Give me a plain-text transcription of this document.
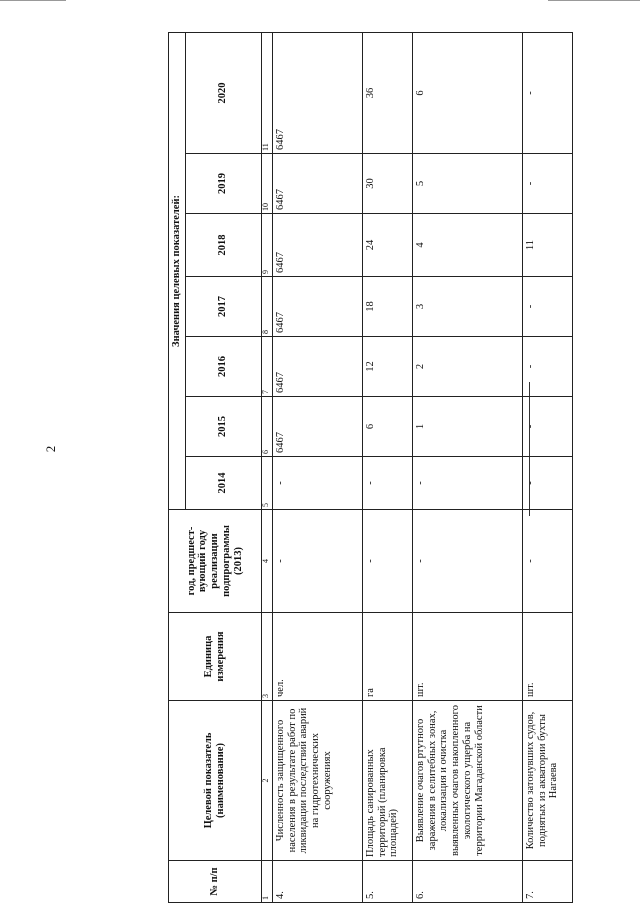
2
№ п/п	Целевой показатель (наименование)	Единица измерения	год, предшест-вующий году реализации подпрограммы (2013)	Значения целевых показателей:						
				2014	2015	2016	2017	2018	2019	2020
1	2	3	4	5	6	7	8	9	10	11
4.	Численность защищенного населения в результате работ по ликвидации последствий аварий на гидротехнических сооружениях	чел.	-	-	6467	6467	6467	6467	6467	6467
5.	Площадь санированных территорий (планировка площадей)	га	-	-	6	12	18	24	30	36
6.	Выявление очагов ртутного заражения в селитебных зонах, локализация и очистка выявленных очагов накопленного экологического ущерба на территории Магаданской области	шт.	-	-	1	2	3	4	5	6
7.	Количество затонувших судов, поднятых из акватории бухты Нагаева	шт.	-	-	-	-	-	11	-	-
